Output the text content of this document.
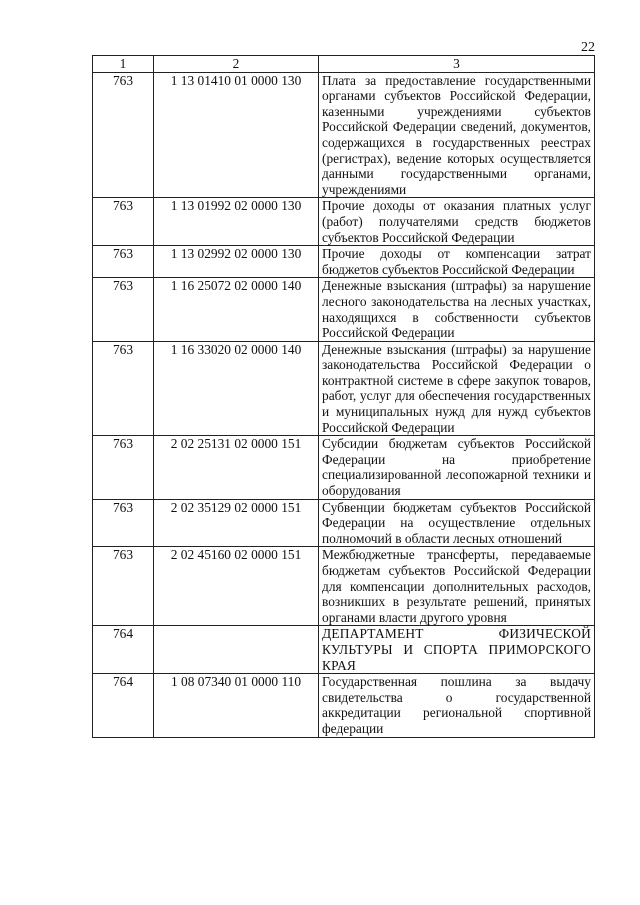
22
1	2	3
763	1 13 01410 01 0000 130	Плата за предоставление государственными органами субъектов Российской Федерации, казенными учреждениями субъектов Российской Федерации сведений, документов, содержащихся в государственных реестрах (регистрах), ведение которых осуществляется данными государственными органами, учреждениями
763	1 13 01992 02 0000 130	Прочие доходы от оказания платных услуг (работ) получателями средств бюджетов субъектов Российской Федерации
763	1 13 02992 02 0000 130	Прочие доходы от компенсации затрат бюджетов субъектов Российской Федерации
763	1 16 25072 02 0000 140	Денежные взыскания (штрафы) за нарушение лесного законодательства на лесных участках, находящихся в собственности субъектов Российской Федерации
763	1 16 33020 02 0000 140	Денежные взыскания (штрафы) за нарушение законодательства Российской Федерации о контрактной системе в сфере закупок товаров, работ, услуг для обеспечения государственных и муниципальных нужд для нужд субъектов Российской Федерации
763	2 02 25131 02 0000 151	Субсидии бюджетам субъектов Российской Федерации на приобретение специализированной лесопожарной техники и оборудования
763	2 02 35129 02 0000 151	Субвенции бюджетам субъектов Российской Федерации на осуществление отдельных полномочий в области лесных отношений
763	2 02 45160 02 0000 151	Межбюджетные трансферты, передаваемые бюджетам субъектов Российской Федерации для компенсации дополнительных расходов, возникших в результате решений, принятых органами власти другого уровня
764		ДЕПАРТАМЕНТ ФИЗИЧЕСКОЙ КУЛЬТУРЫ И СПОРТА ПРИМОРСКОГО КРАЯ
764	1 08 07340 01 0000 110	Государственная пошлина за выдачу свидетельства о государственной аккредитации региональной спортивной федерации
